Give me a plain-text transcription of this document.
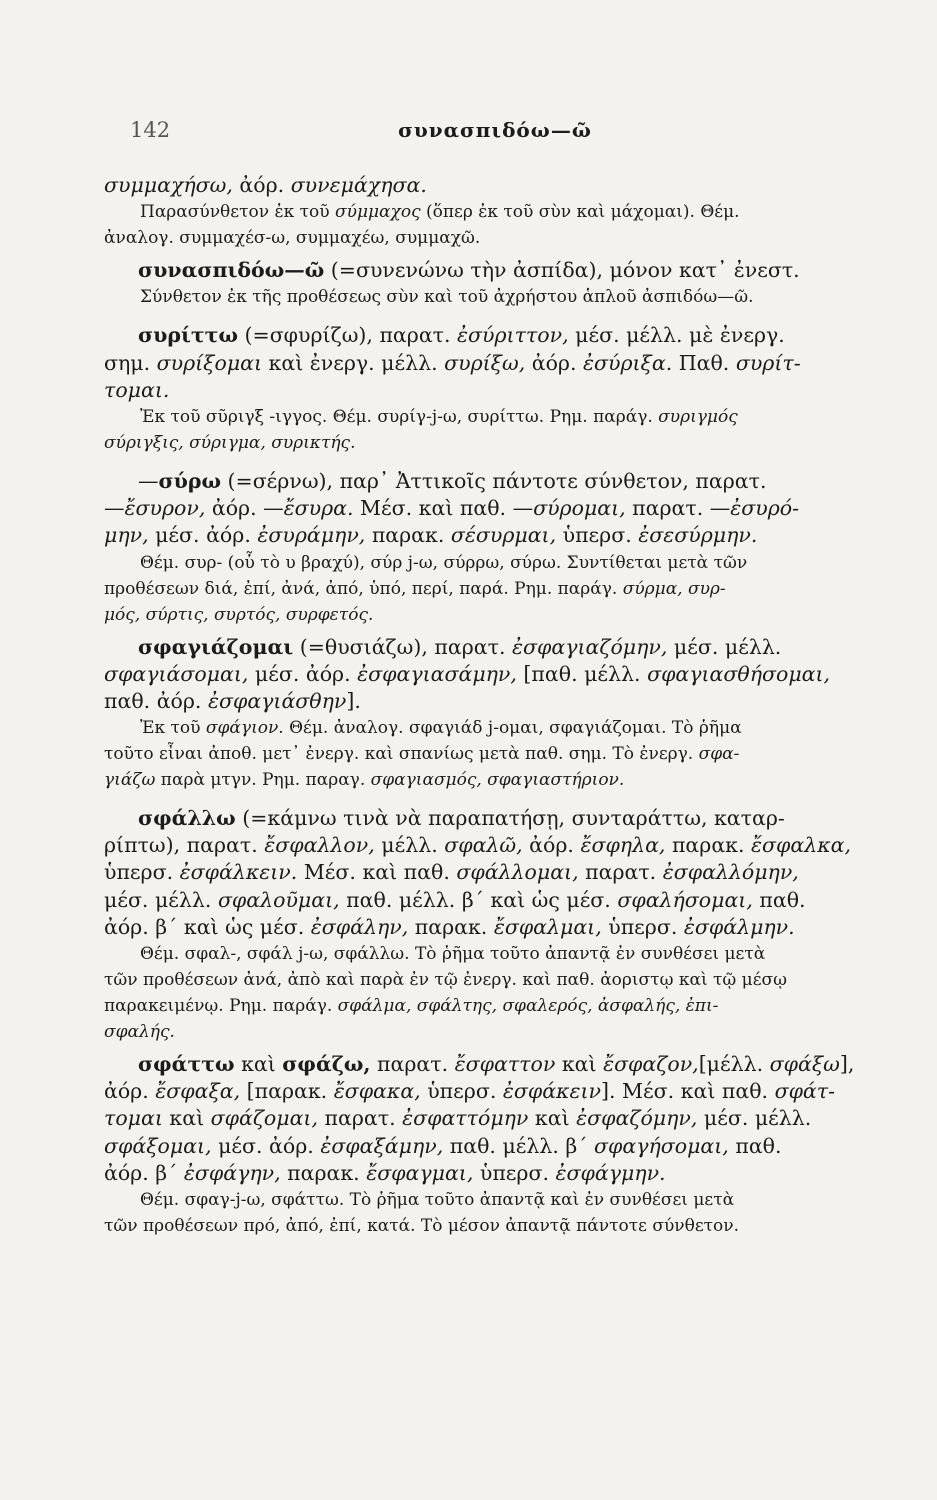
142	συνασπιδόω—ῶ
συμμαχήσω, ἀόρ. συνεμάχησα.
Παρασύνθετον ἐκ τοῦ σύμμαχος (ὅπερ ἐκ τοῦ σὺν καὶ μάχομαι). Θέμ.
ἀναλογ. συμμαχέσ-ω, συμμαχέω, συμμαχῶ.
συνασπιδόω—ῶ (=συνενώνω τὴν ἀσπίδα), μόνον κατ᾽ ἐνεστ.
Σύνθετον ἐκ τῆς προθέσεως σὺν καὶ τοῦ ἀχρήστου ἁπλοῦ ἀσπιδόω—ῶ.
συρίττω (=σφυρίζω), παρατ. ἐσύριττον, μέσ. μέλλ. μὲ ἐνεργ.
σημ. συρίξομαι καὶ ἐνεργ. μέλλ. συρίξω, ἀόρ. ἐσύριξα. Παθ. συρίτ-
τομαι.
Ἐκ τοῦ σῦριγξ -ιγγος. Θέμ. συρίγ-j-ω, συρίττω. Ρημ. παράγ. συριγμός
σύριγξις, σύριγμα, συρικτής.
—σύρω (=σέρνω), παρ᾽ Ἀττικοῖς πάντοτε σύνθετον, παρατ.
—ἔσυρον, ἀόρ. —ἔσυρα. Μέσ. καὶ παθ. —σύρομαι, παρατ. —ἐσυρό-
μην, μέσ. ἀόρ. ἐσυράμην, παρακ. σέσυρμαι, ὑπερσ. ἐσεσύρμην.
Θέμ. συρ- (οὗ τὸ υ βραχύ), σύρ j-ω, σύρρω, σύρω. Συντίθεται μετὰ τῶν
προθέσεων διά, ἐπί, ἀνά, ἀπό, ὑπό, περί, παρά. Ρημ. παράγ. σύρμα, συρ-
μός, σύρτις, συρτός, συρφετός.
σφαγιάζομαι (=θυσιάζω), παρατ. ἐσφαγιαζόμην, μέσ. μέλλ.
σφαγιάσομαι, μέσ. ἀόρ. ἐσφαγιασάμην, [παθ. μέλλ. σφαγιασθήσομαι,
παθ. ἀόρ. ἐσφαγιάσθην].
Ἐκ τοῦ σφάγιον. Θέμ. ἀναλογ. σφαγιάδ j-ομαι, σφαγιάζομαι. Τὸ ῥῆμα
τοῦτο εἶναι ἀποθ. μετ᾽ ἐνεργ. καὶ σπανίως μετὰ παθ. σημ. Τὸ ἐνεργ. σφα-
γιάζω παρὰ μτγν. Ρημ. παραγ. σφαγιασμός, σφαγιαστήριον.
σφάλλω (=κάμνω τινὰ νὰ παραπατήσῃ, συνταράττω, καταρ-
ρίπτω), παρατ. ἔσφαλλον, μέλλ. σφαλῶ, ἀόρ. ἔσφηλα, παρακ. ἔσφαλκα,
ὑπερσ. ἐσφάλκειν. Μέσ. καὶ παθ. σφάλλομαι, παρατ. ἐσφαλλόμην,
μέσ. μέλλ. σφαλοῦμαι, παθ. μέλλ. β´ καὶ ὡς μέσ. σφαλήσομαι, παθ.
ἀόρ. β´ καὶ ὡς μέσ. ἐσφάλην, παρακ. ἔσφαλμαι, ὑπερσ. ἐσφάλμην.
Θέμ. σφαλ-, σφάλ j-ω, σφάλλω. Τὸ ῥῆμα τοῦτο ἀπαντᾷ ἐν συνθέσει μετὰ
τῶν προθέσεων ἀνά, ἀπὸ καὶ παρὰ ἐν τῷ ἐνεργ. καὶ παθ. ἀοριστῳ καὶ τῷ μέσῳ
παρακειμένῳ. Ρημ. παράγ. σφάλμα, σφάλτης, σφαλερός, ἀσφαλής, ἐπι-
σφαλής.
σφάττω καὶ σφάζω, παρατ. ἔσφαττον καὶ ἔσφαζον,[μέλλ. σφάξω],
ἀόρ. ἔσφαξα, [παρακ. ἔσφακα, ὑπερσ. ἐσφάκειν]. Μέσ. καὶ παθ. σφάτ-
τομαι καὶ σφάζομαι, παρατ. ἐσφαττόμην καὶ ἐσφαζόμην, μέσ. μέλλ.
σφάξομαι, μέσ. ἀόρ. ἐσφαξάμην, παθ. μέλλ. β´ σφαγήσομαι, παθ.
ἀόρ. β´ ἐσφάγην, παρακ. ἔσφαγμαι, ὑπερσ. ἐσφάγμην.
Θέμ. σφαγ-j-ω, σφάττω. Τὸ ῥῆμα τοῦτο ἀπαντᾷ καὶ ἐν συνθέσει μετὰ
τῶν προθέσεων πρό, ἀπό, ἐπί, κατά. Τὸ μέσον ἀπαντᾷ πάντοτε σύνθετον.
